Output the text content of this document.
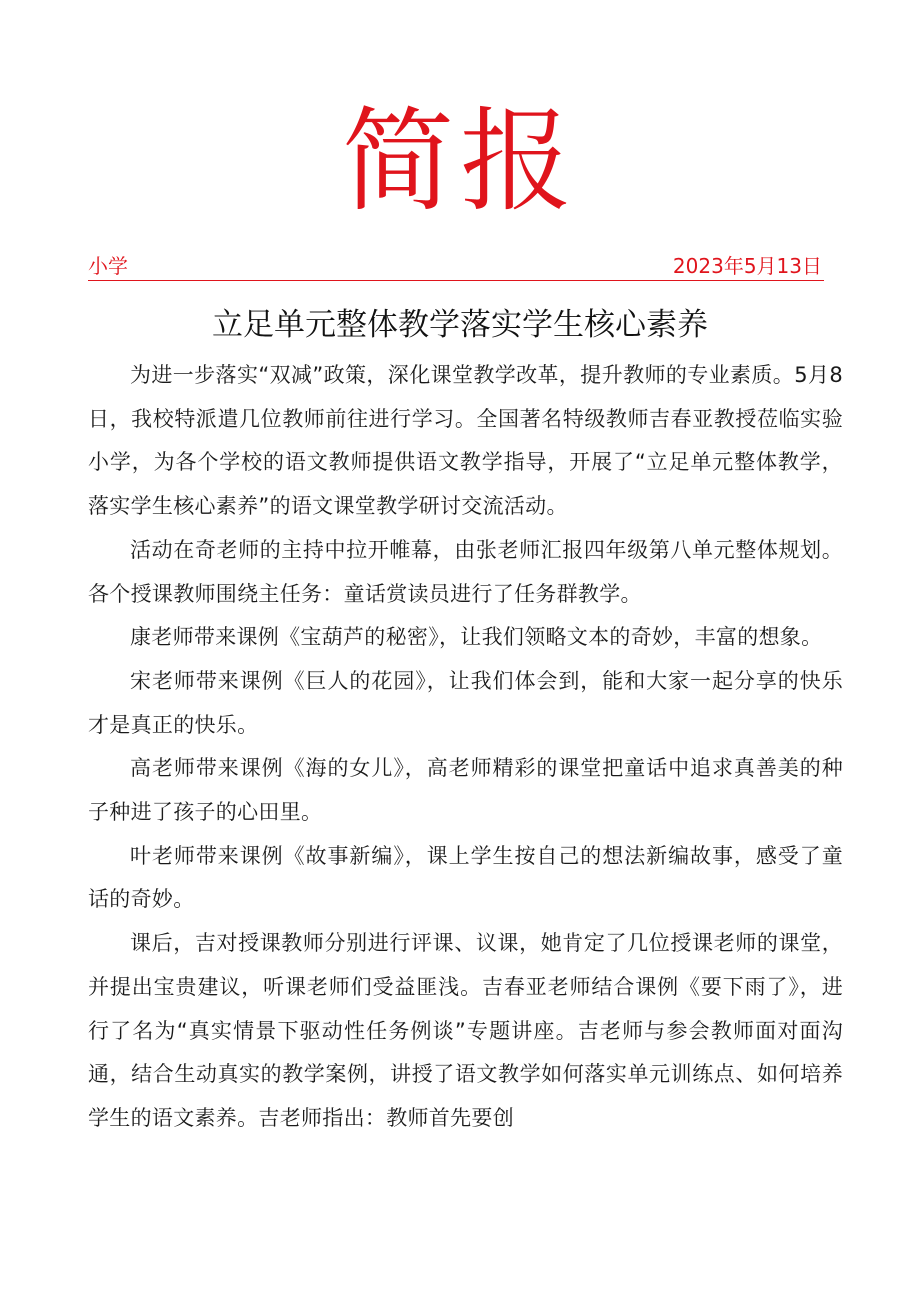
简报
小学	2023年5月13日
立足单元整体教学落实学生核心素养

为进一步落实“双减”政策，深化课堂教学改革，提升教师的专业素质。5月8日，我校特派遣几位教师前往进行学习。全国著名特级教师吉春亚教授莅临实验小学，为各个学校的语文教师提供语文教学指导，开展了“立足单元整体教学，落实学生核心素养”的语文课堂教学研讨交流活动。

活动在奇老师的主持中拉开帷幕，由张老师汇报四年级第八单元整体规划。各个授课教师围绕主任务：童话赏读员进行了任务群教学。

康老师带来课例《宝葫芦的秘密》，让我们领略文本的奇妙，丰富的想象。

宋老师带来课例《巨人的花园》，让我们体会到，能和大家一起分享的快乐才是真正的快乐。

高老师带来课例《海的女儿》，高老师精彩的课堂把童话中追求真善美的种子种进了孩子的心田里。

叶老师带来课例《故事新编》，课上学生按自己的想法新编故事，感受了童话的奇妙。

课后，吉对授课教师分别进行评课、议课，她肯定了几位授课老师的课堂，并提出宝贵建议，听课老师们受益匪浅。吉春亚老师结合课例《要下雨了》，进行了名为“真实情景下驱动性任务例谈”专题讲座。吉老师与参会教师面对面沟通，结合生动真实的教学案例，讲授了语文教学如何落实单元训练点、如何培养学生的语文素养。吉老师指出：教师首先要创
